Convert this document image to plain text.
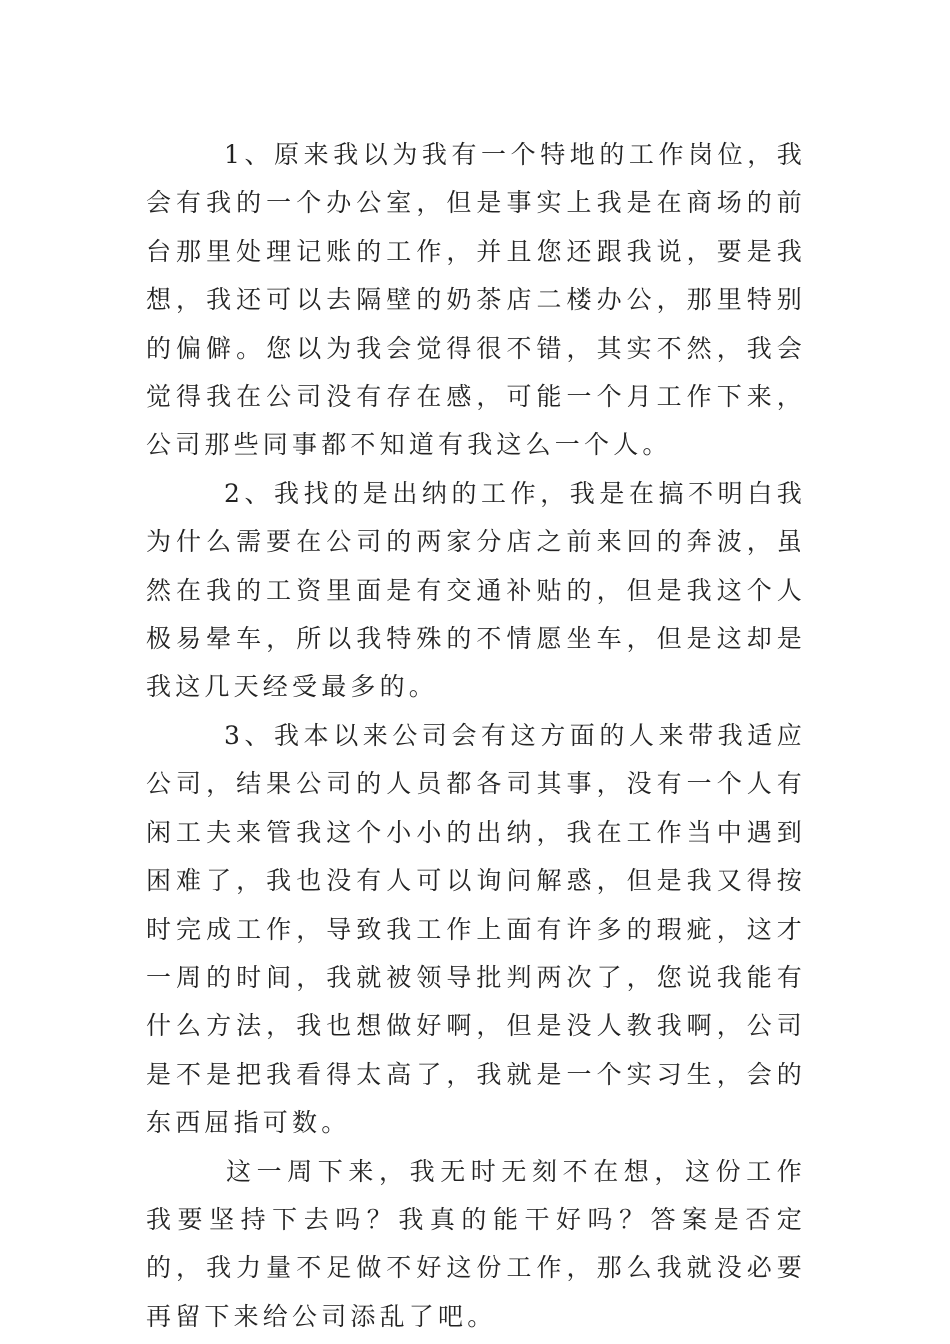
1、原来我以为我有一个特地的工作岗位，我会有我的一个办公室，但是事实上我是在商场的前台那里处理记账的工作，并且您还跟我说，要是我想，我还可以去隔壁的奶茶店二楼办公，那里特别的偏僻。您以为我会觉得很不错，其实不然，我会觉得我在公司没有存在感，可能一个月工作下来，公司那些同事都不知道有我这么一个人。

2、我找的是出纳的工作，我是在搞不明白我为什么需要在公司的两家分店之前来回的奔波，虽然在我的工资里面是有交通补贴的，但是我这个人极易晕车，所以我特殊的不情愿坐车，但是这却是我这几天经受最多的。

3、我本以来公司会有这方面的人来带我适应公司，结果公司的人员都各司其事，没有一个人有闲工夫来管我这个小小的出纳，我在工作当中遇到困难了，我也没有人可以询问解惑，但是我又得按时完成工作，导致我工作上面有许多的瑕疵，这才一周的时间，我就被领导批判两次了，您说我能有什么方法，我也想做好啊，但是没人教我啊，公司是不是把我看得太高了，我就是一个实习生，会的东西屈指可数。

这一周下来，我无时无刻不在想，这份工作我要坚持下去吗？我真的能干好吗？答案是否定的，我力量不足做不好这份工作，那么我就没必要再留下来给公司添乱了吧。
